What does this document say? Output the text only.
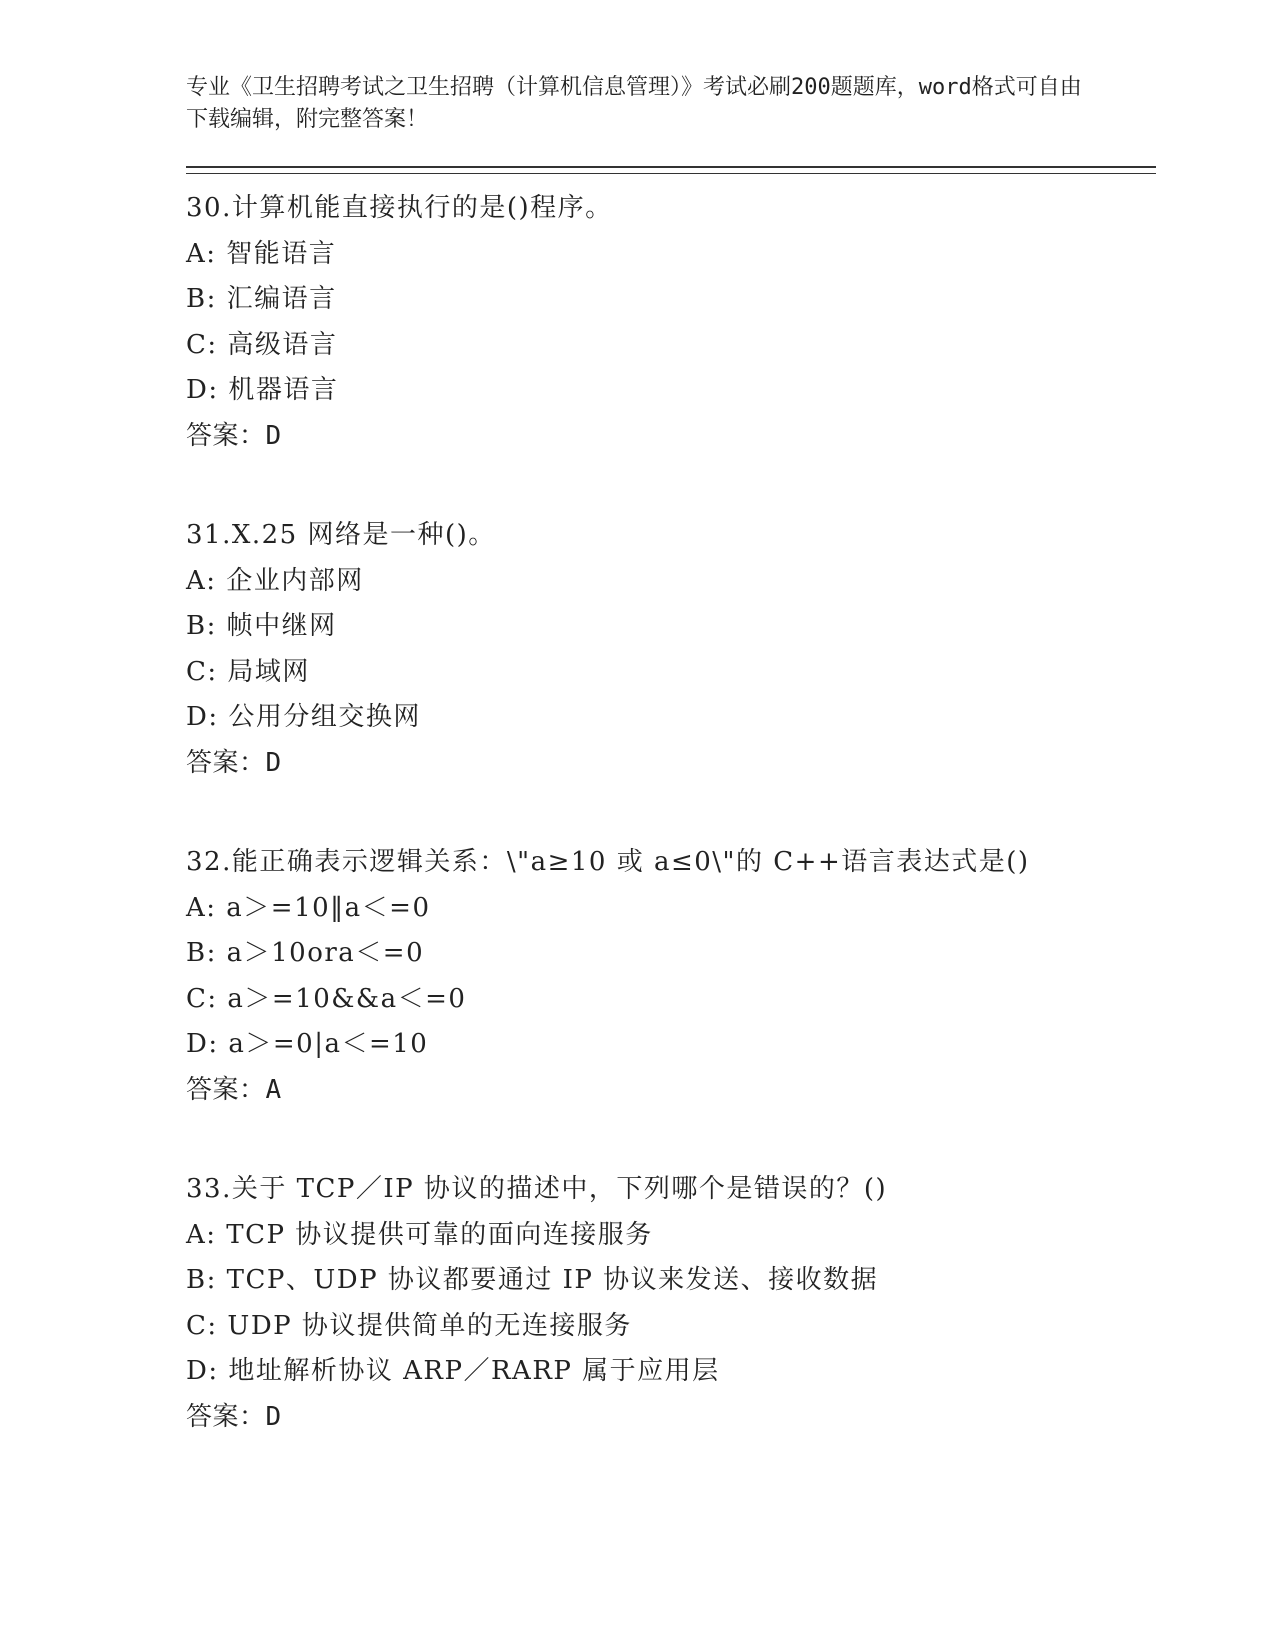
专业《卫生招聘考试之卫生招聘（计算机信息管理）》考试必刷200题题库，word格式可自由下载编辑，附完整答案！

30.计算机能直接执行的是()程序。
A: 智能语言
B: 汇编语言
C: 高级语言
D: 机器语言
答案：D
31.X.25 网络是一种()。
A: 企业内部网
B: 帧中继网
C: 局域网
D: 公用分组交换网
答案：D
32.能正确表示逻辑关系：\"a≥10 或 a≤0\"的 C++语言表达式是()
A: a＞=10‖a＜=0
B: a＞10ora＜=0
C: a＞=10&&a＜=0
D: a＞=0|a＜=10
答案：A
33.关于 TCP／IP 协议的描述中，下列哪个是错误的？()
A: TCP 协议提供可靠的面向连接服务
B: TCP、UDP 协议都要通过 IP 协议来发送、接收数据
C: UDP 协议提供简单的无连接服务
D: 地址解析协议 ARP／RARP 属于应用层
答案：D
